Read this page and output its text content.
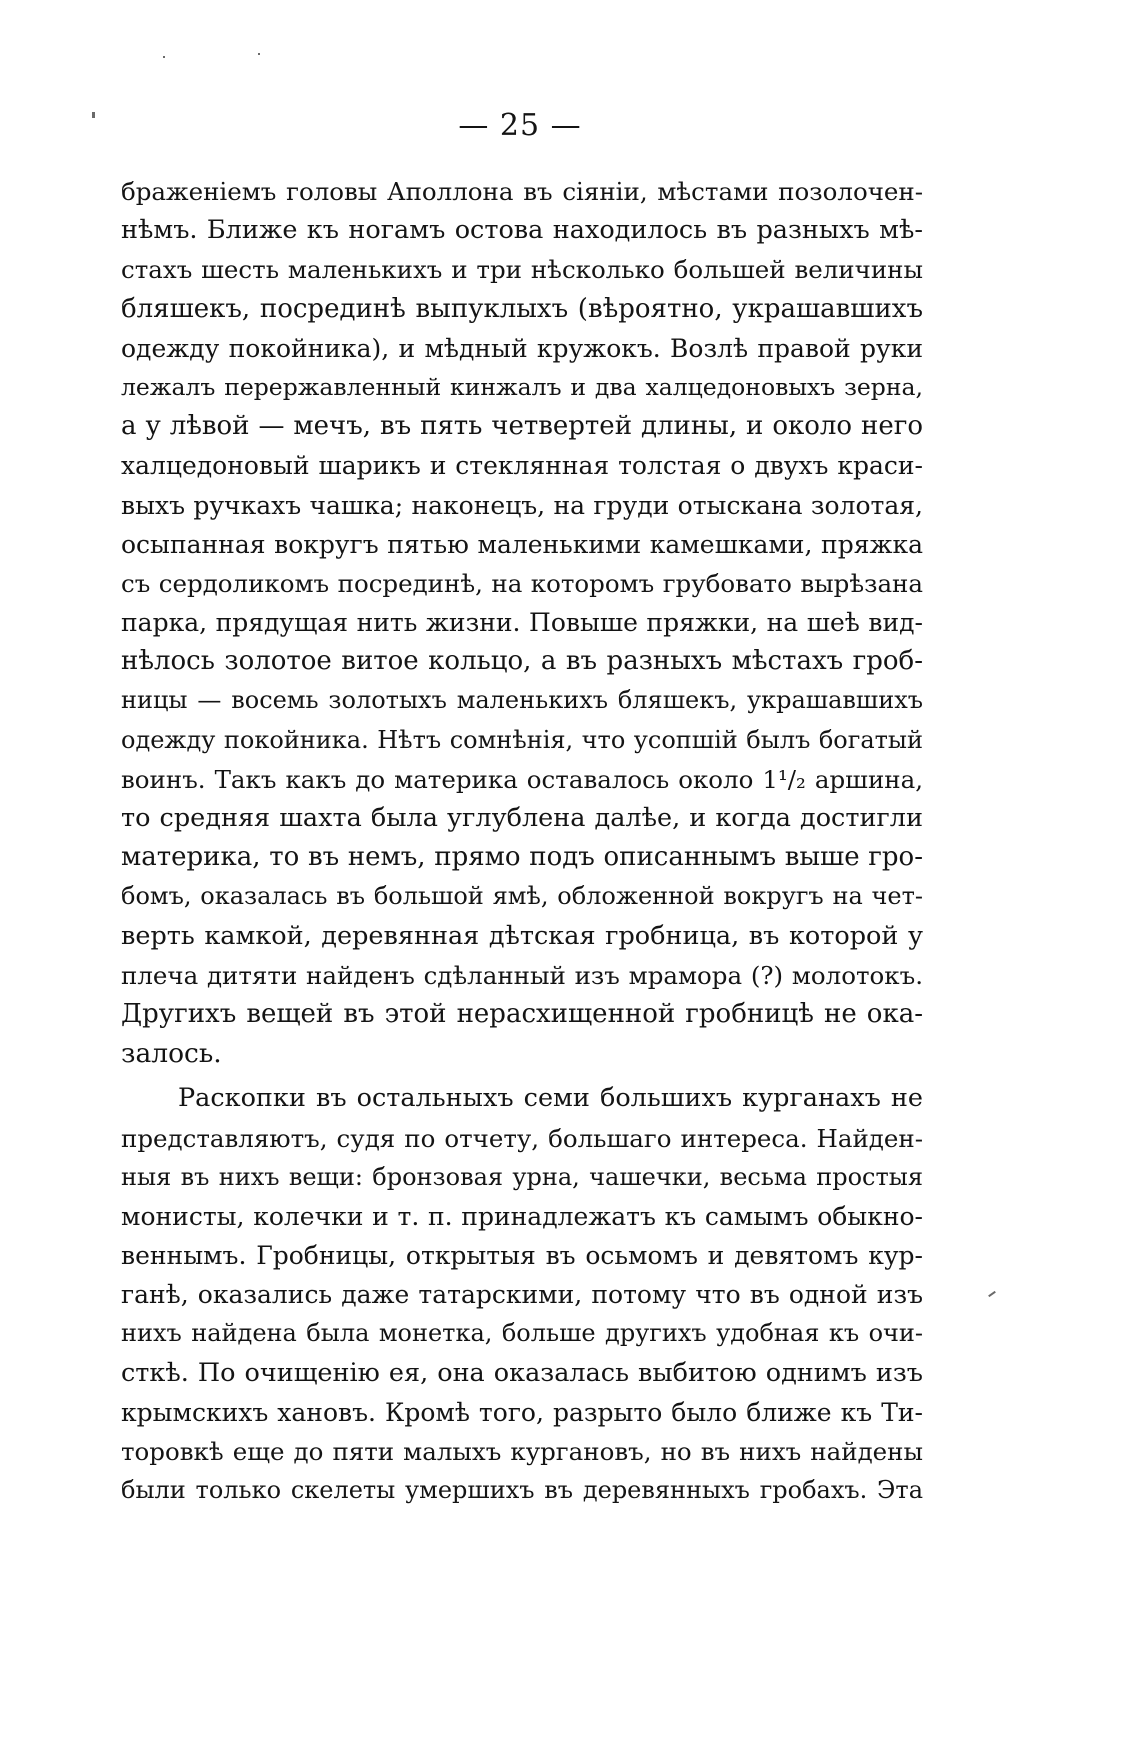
— 25 —
браженіемъ головы Аполлона въ сіяніи, мѣстами позолочен-
нѣмъ. Ближе къ ногамъ остова находилось въ разныхъ мѣ-
стахъ шесть маленькихъ и три нѣсколько большей величины
бляшекъ, посрединѣ выпуклыхъ (вѣроятно, украшавшихъ
одежду покойника), и мѣдный кружокъ. Возлѣ правой руки
лежалъ перержавленный кинжалъ и два халцедоновыхъ зерна,
а у лѣвой — мечъ, въ пять четвертей длины, и около него
халцедоновый шарикъ и стеклянная толстая о двухъ краси-
выхъ ручкахъ чашка; наконецъ, на груди отыскана золотая,
осыпанная вокругъ пятью маленькими камешками, пряжка
съ сердоликомъ посрединѣ, на которомъ грубовато вырѣзана
парка, прядущая нить жизни. Повыше пряжки, на шеѣ вид-
нѣлось золотое витое кольцо, а въ разныхъ мѣстахъ гроб-
ницы — восемь золотыхъ маленькихъ бляшекъ, украшавшихъ
одежду покойника. Нѣтъ сомнѣнія, что усопшій былъ богатый
воинъ. Такъ какъ до материка оставалось около 1¹/₂ аршина,
то средняя шахта была углублена далѣе, и когда достигли
материка, то въ немъ, прямо подъ описаннымъ выше гро-
бомъ, оказалась въ большой ямѣ, обложенной вокругъ на чет-
верть камкой, деревянная дѣтская гробница, въ которой у
плеча дитяти найденъ сдѣланный изъ мрамора (?) молотокъ.
Другихъ вещей въ этой нерасхищенной гробницѣ не ока-
залось.
Раскопки въ остальныхъ семи большихъ курганахъ не
представляютъ, судя по отчету, большаго интереса. Найден-
ныя въ нихъ вещи: бронзовая урна, чашечки, весьма простыя
мониcты, колечки и т. п. принадлежатъ къ самымъ обыкно-
веннымъ. Гробницы, открытыя въ осьмомъ и девятомъ кур-
ганѣ, оказались даже татарскими, потому что въ одной изъ
нихъ найдена была монетка, больше другихъ удобная къ очи-
сткѣ. По очищенію ея, она оказалась выбитою однимъ изъ
крымскихъ хановъ. Кромѣ того, разрыто было ближе къ Ти-
торовкѣ еще до пяти малыхъ кургановъ, но въ нихъ найдены
были только скелеты умершихъ въ деревянныхъ гробахъ. Эта
